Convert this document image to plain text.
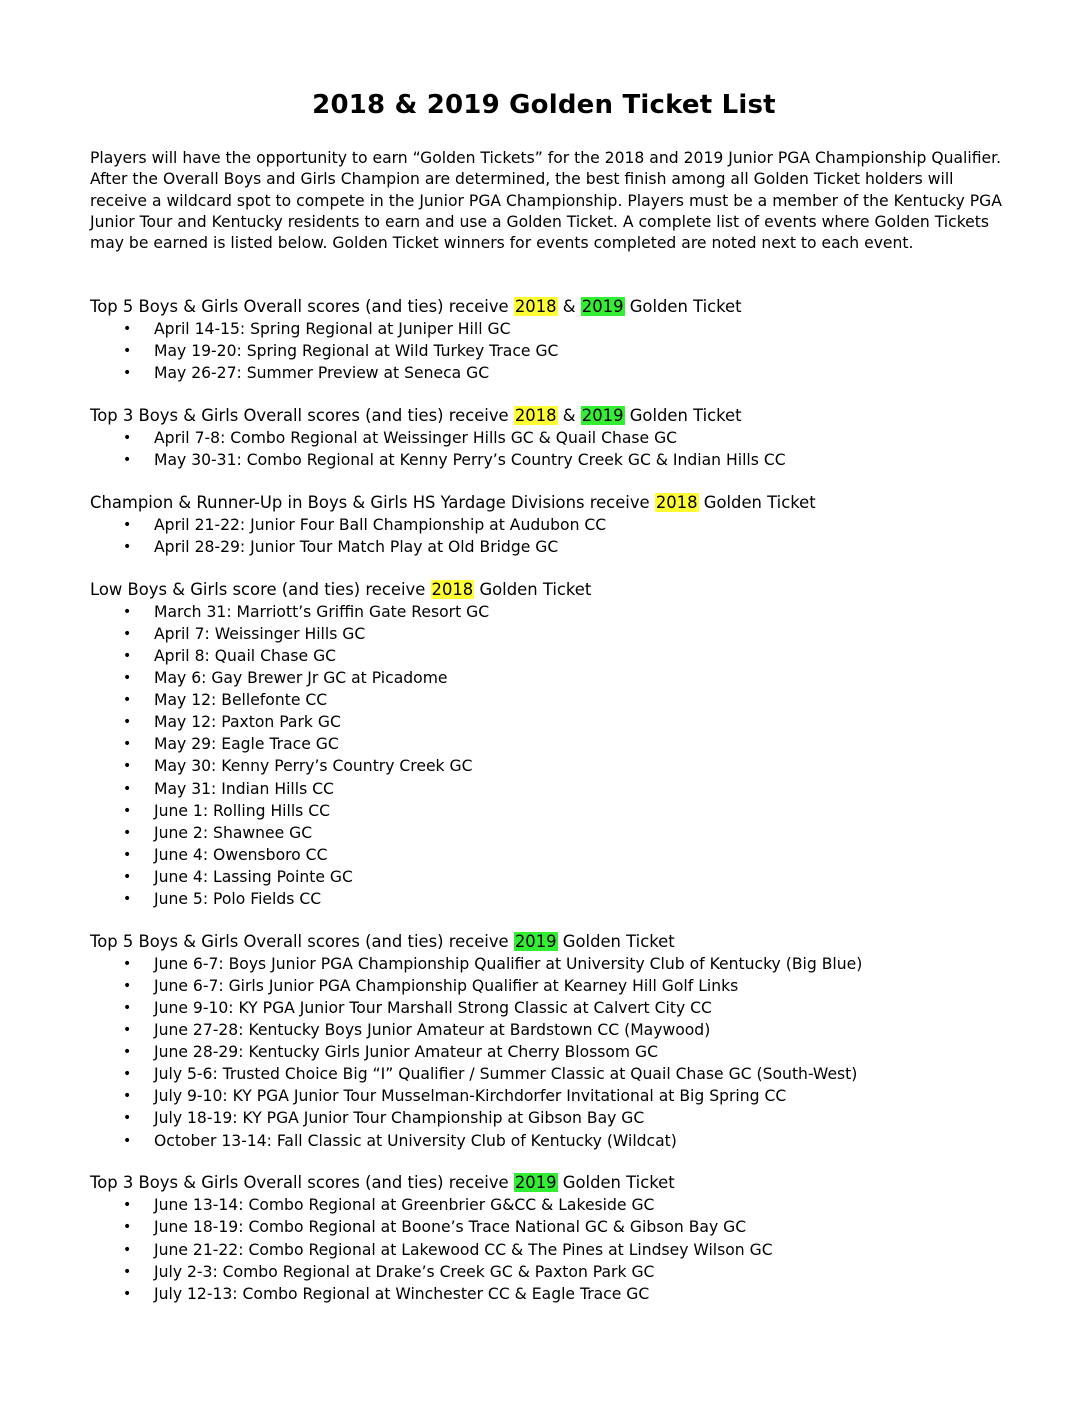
2018 & 2019 Golden Ticket List

Players will have the opportunity to earn “Golden Tickets” for the 2018 and 2019 Junior PGA Championship Qualifier. After the Overall Boys and Girls Champion are determined, the best finish among all Golden Ticket holders will receive a wildcard spot to compete in the Junior PGA Championship. Players must be a member of the Kentucky PGA Junior Tour and Kentucky residents to earn and use a Golden Ticket. A complete list of events where Golden Tickets may be earned is listed below. Golden Ticket winners for events completed are noted next to each event.

Top 5 Boys & Girls Overall scores (and ties) receive 2018 & 2019 Golden Ticket
• April 14-15: Spring Regional at Juniper Hill GC
• May 19-20: Spring Regional at Wild Turkey Trace GC
• May 26-27: Summer Preview at Seneca GC
Top 3 Boys & Girls Overall scores (and ties) receive 2018 & 2019 Golden Ticket
• April 7-8: Combo Regional at Weissinger Hills GC & Quail Chase GC
• May 30-31: Combo Regional at Kenny Perry’s Country Creek GC & Indian Hills CC
Champion & Runner-Up in Boys & Girls HS Yardage Divisions receive 2018 Golden Ticket
• April 21-22: Junior Four Ball Championship at Audubon CC
• April 28-29: Junior Tour Match Play at Old Bridge GC
Low Boys & Girls score (and ties) receive 2018 Golden Ticket
• March 31: Marriott’s Griffin Gate Resort GC
• April 7: Weissinger Hills GC
• April 8: Quail Chase GC
• May 6: Gay Brewer Jr GC at Picadome
• May 12: Bellefonte CC
• May 12: Paxton Park GC
• May 29: Eagle Trace GC
• May 30: Kenny Perry’s Country Creek GC
• May 31: Indian Hills CC
• June 1: Rolling Hills CC
• June 2: Shawnee GC
• June 4: Owensboro CC
• June 4: Lassing Pointe GC
• June 5: Polo Fields CC
Top 5 Boys & Girls Overall scores (and ties) receive 2019 Golden Ticket
• June 6-7: Boys Junior PGA Championship Qualifier at University Club of Kentucky (Big Blue)
• June 6-7: Girls Junior PGA Championship Qualifier at Kearney Hill Golf Links
• June 9-10: KY PGA Junior Tour Marshall Strong Classic at Calvert City CC
• June 27-28: Kentucky Boys Junior Amateur at Bardstown CC (Maywood)
• June 28-29: Kentucky Girls Junior Amateur at Cherry Blossom GC
• July 5-6: Trusted Choice Big “I” Qualifier / Summer Classic at Quail Chase GC (South-West)
• July 9-10: KY PGA Junior Tour Musselman-Kirchdorfer Invitational at Big Spring CC
• July 18-19: KY PGA Junior Tour Championship at Gibson Bay GC
• October 13-14: Fall Classic at University Club of Kentucky (Wildcat)
Top 3 Boys & Girls Overall scores (and ties) receive 2019 Golden Ticket
• June 13-14: Combo Regional at Greenbrier G&CC & Lakeside GC
• June 18-19: Combo Regional at Boone’s Trace National GC & Gibson Bay GC
• June 21-22: Combo Regional at Lakewood CC & The Pines at Lindsey Wilson GC
• July 2-3: Combo Regional at Drake’s Creek GC & Paxton Park GC
• July 12-13: Combo Regional at Winchester CC & Eagle Trace GC
